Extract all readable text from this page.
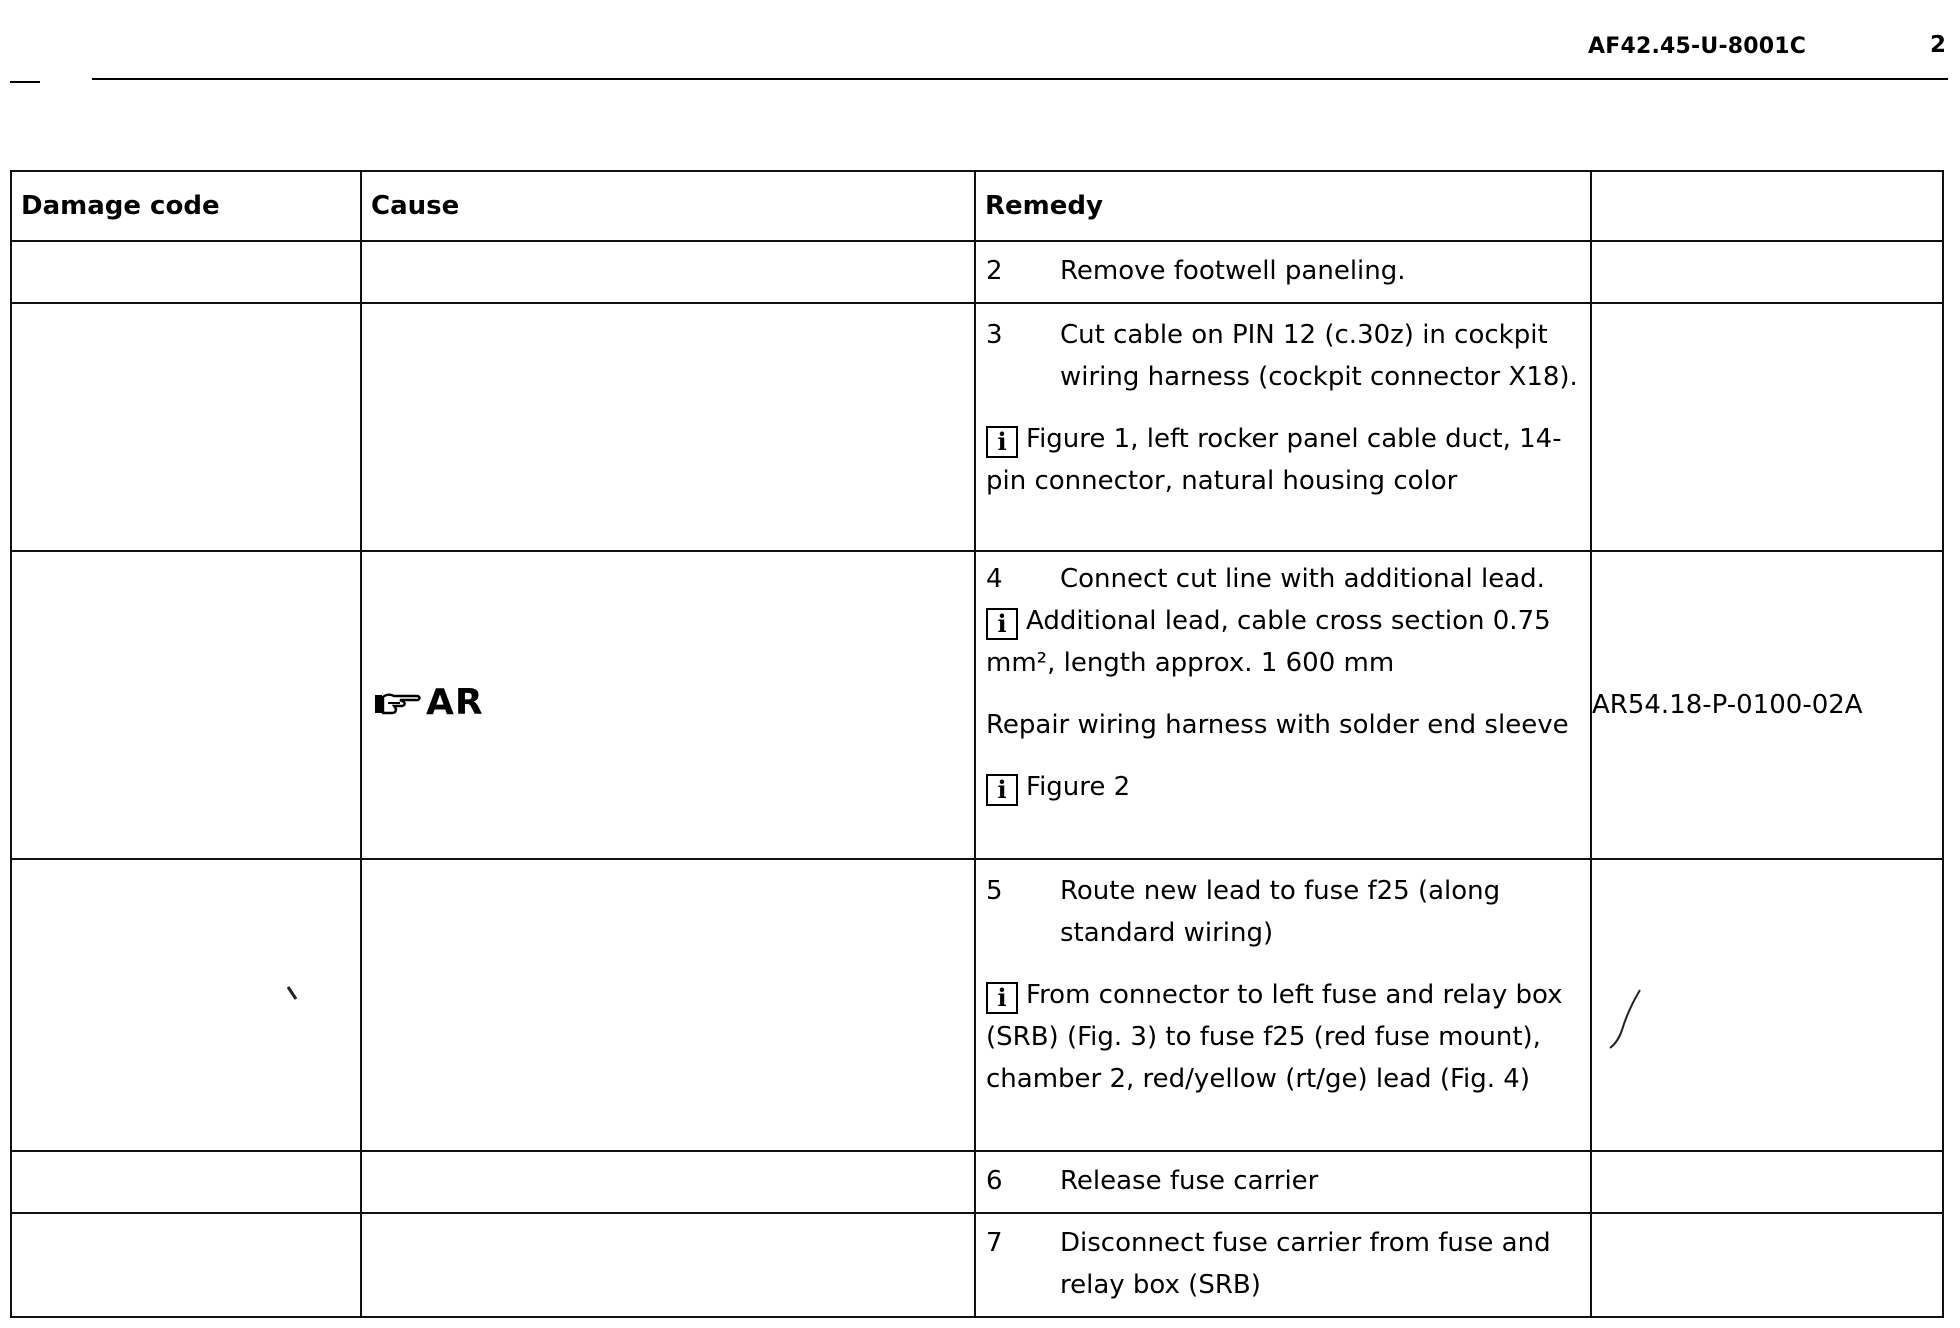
AF42.45-U-8001C	2
Damage code	Cause	Remedy	

		2 Remove footwell paneling.	

		3 Cut cable on PIN 12 (c.30z) in cockpit wiring harness (cockpit connector X18).
i Figure 1, left rocker panel cable duct, 14-pin connector, natural housing color	

	AR	4 Connect cut line with additional lead.
i Additional lead, cable cross section 0.75 mm², length approx. 1 600 mm
Repair wiring harness with solder end sleeve
i Figure 2	AR54.18-P-0100-02A

		5 Route new lead to fuse f25 (along standard wiring)
i From connector to left fuse and relay box (SRB) (Fig. 3) to fuse f25 (red fuse mount), chamber 2, red/yellow (rt/ge) lead (Fig. 4)	

		6 Release fuse carrier	

		7 Disconnect fuse carrier from fuse and relay box (SRB)	
